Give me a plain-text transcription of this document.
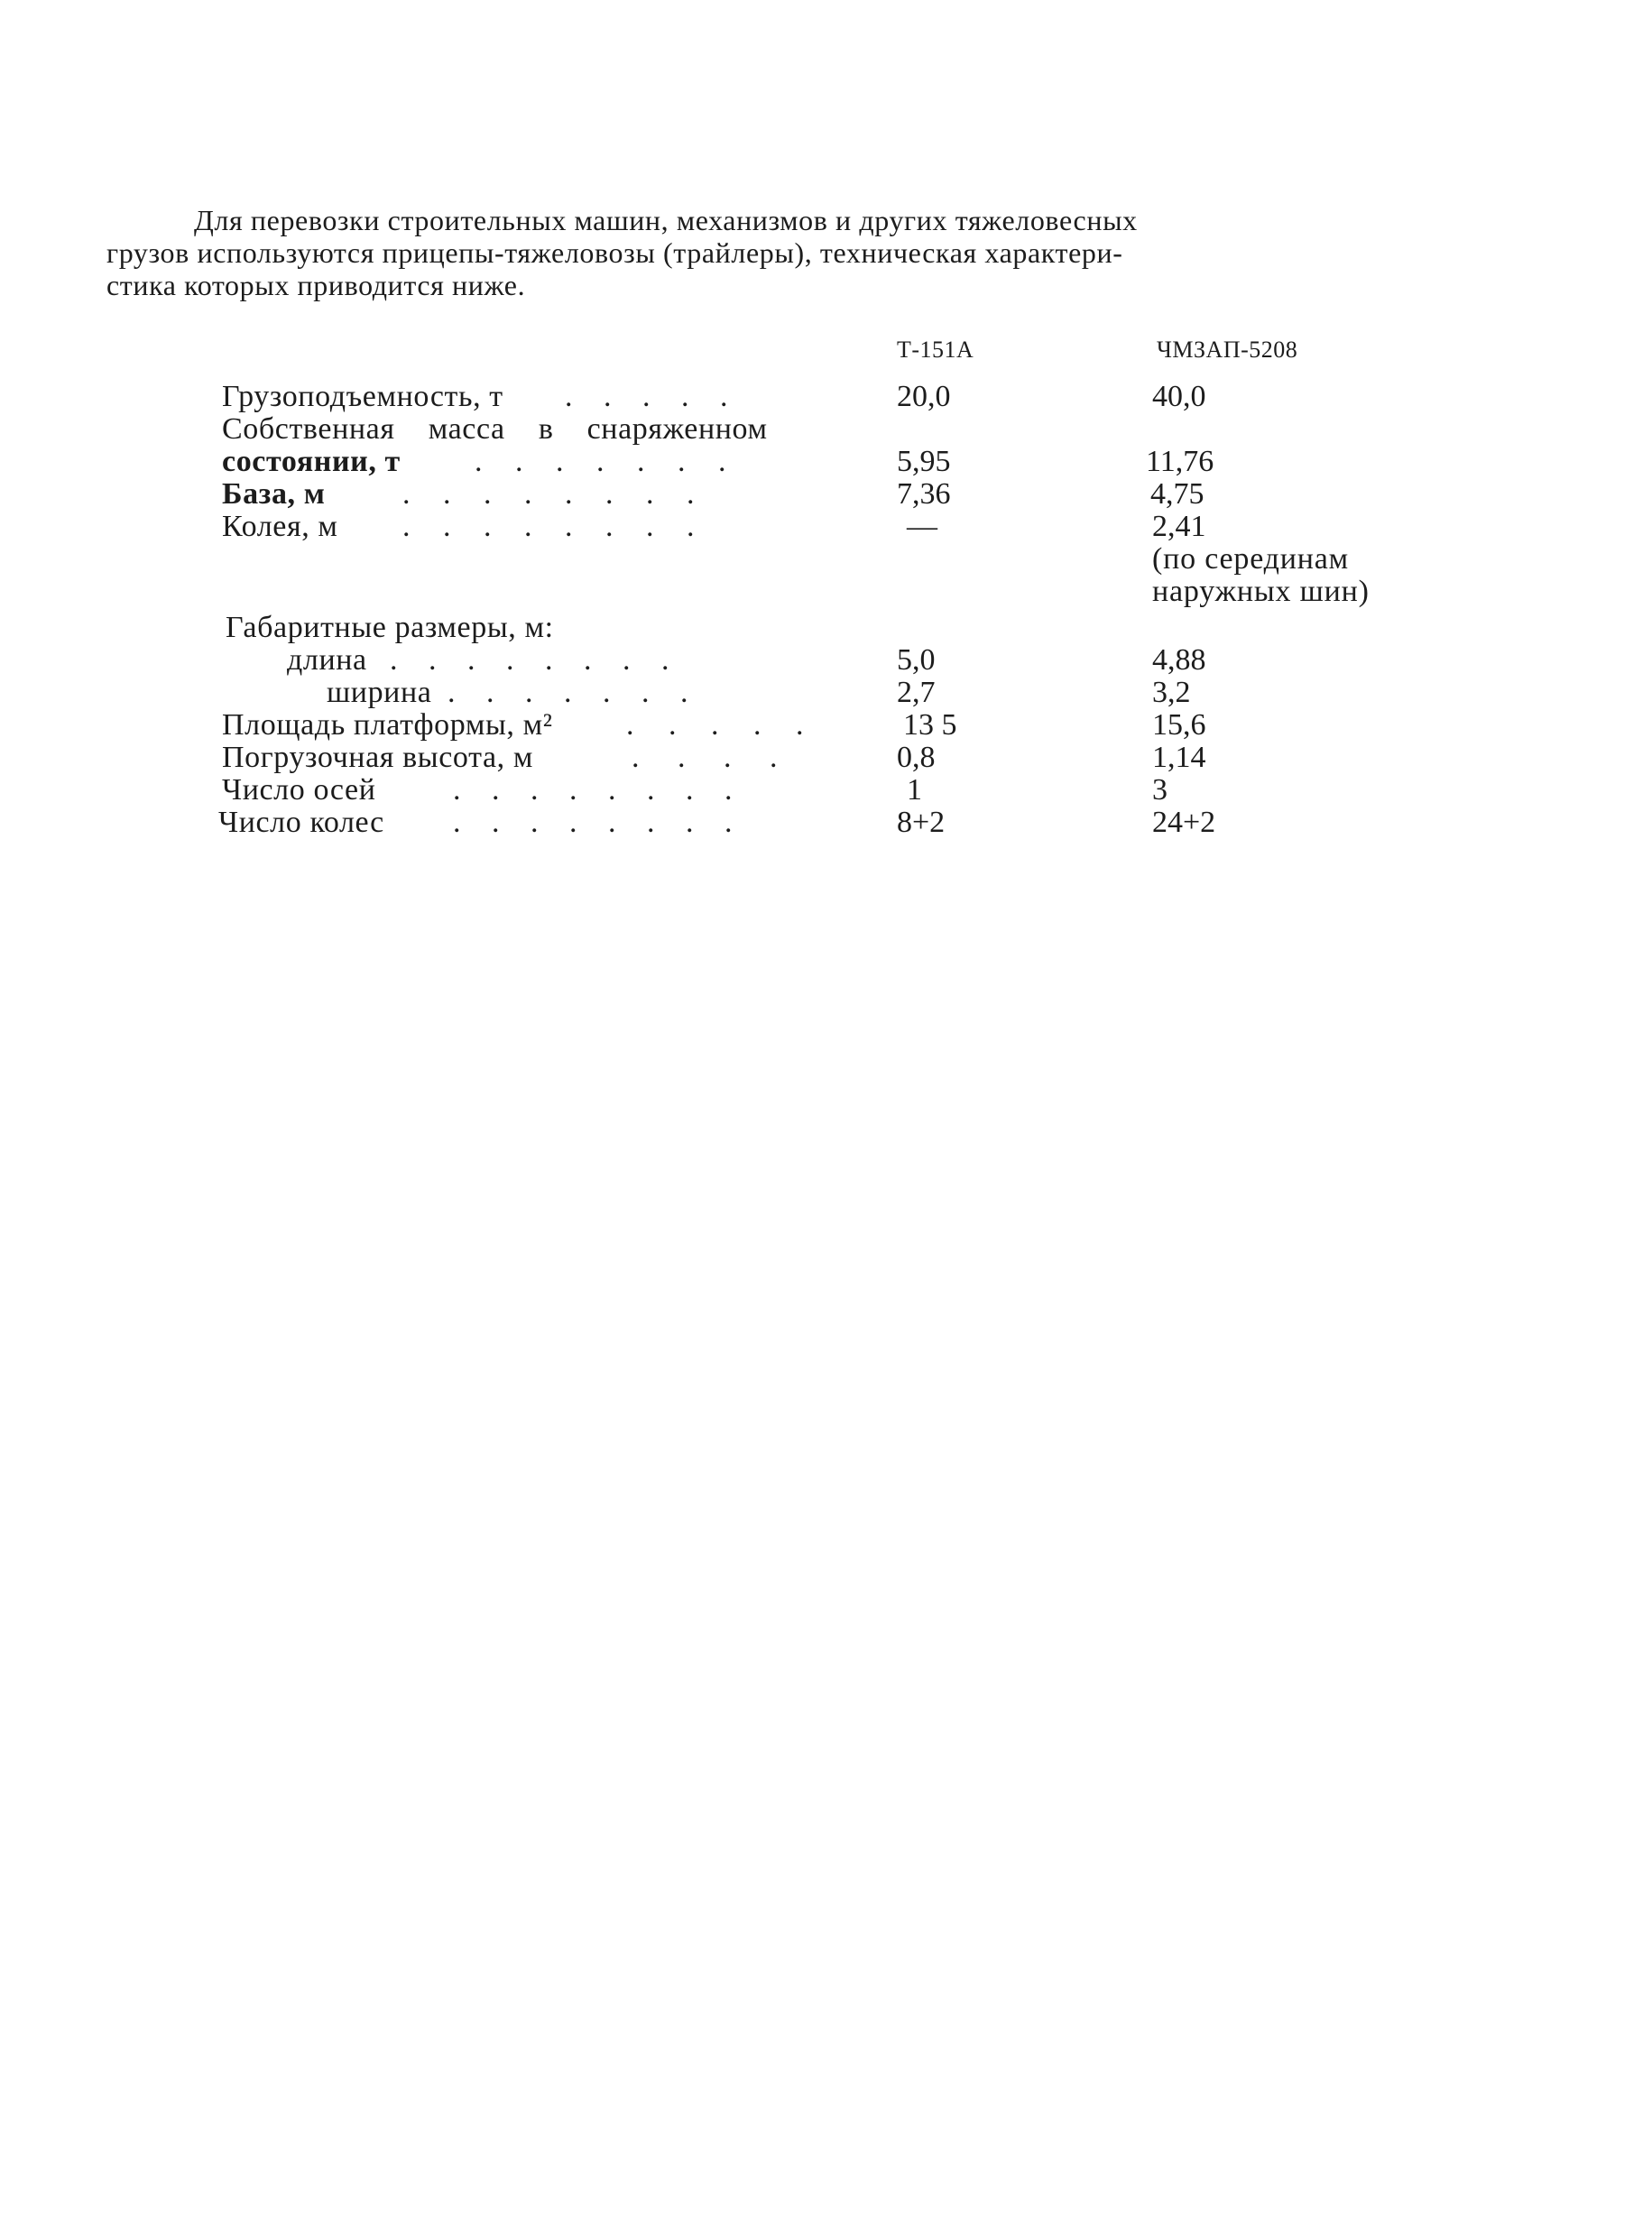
Для перевозки строительных машин, механизмов и других тяжеловесных
грузов используются прицепы-тяжеловозы (трайлеры), техническая характери-
стика которых приводится ниже.
Т-151А	ЧМЗАП-5208
Грузоподъемность, т . . . . .	20,0	40,0
Собственная масса в снаряженном
состоянии, т . . . . . . .	5,95	11,76
База, м	. . . . . . . .	7,36	4,75
Колея, м . . . . . . . .	—	2,41
(по серединам
наружных шин)
Габаритные размеры, м:
длина . . . . . . . .	5,0	4,88
ширина . . . . . . .	2,7	3,2
Площадь платформы, м² . . . . .	13 5	15,6
Погрузочная высота, м	. . . .	0,8	1,14
Число осей	. . . . . . . .	1	3
Число колес . . . . . . . .	8+2	24+2
